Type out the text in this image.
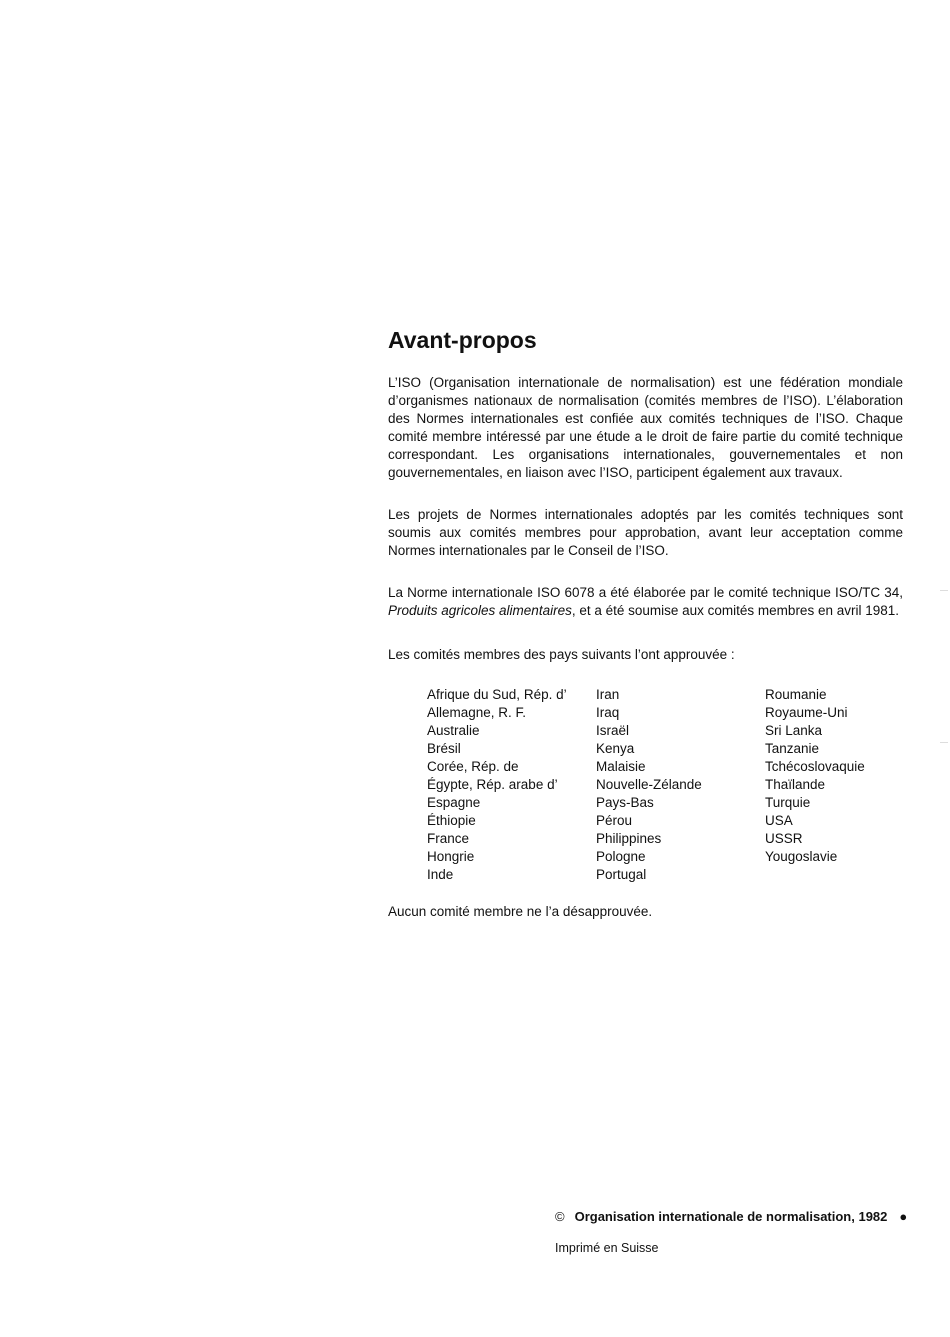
Avant-propos

L’ISO (Organisation internationale de normalisation) est une fédération mondiale d’organismes nationaux de normalisation (comités membres de l’ISO). L’élaboration des Normes internationales est confiée aux comités techniques de l’ISO. Chaque comité membre intéressé par une étude a le droit de faire partie du comité technique correspondant. Les organisations internationales, gouvernementales et non gouvernementales, en liaison avec l’ISO, participent également aux travaux.

Les projets de Normes internationales adoptés par les comités techniques sont soumis aux comités membres pour approbation, avant leur acceptation comme Normes internationales par le Conseil de l’ISO.

La Norme internationale ISO 6078 a été élaborée par le comité technique ISO/TC 34, Produits agricoles alimentaires, et a été soumise aux comités membres en avril 1981.

Les comités membres des pays suivants l’ont approuvée :

Afrique du Sud, Rép. d’
Allemagne, R. F.
Australie
Brésil
Corée, Rép. de
Égypte, Rép. arabe d’
Espagne
Éthiopie
France
Hongrie
Inde
Iran
Iraq
Israël
Kenya
Malaisie
Nouvelle-Zélande
Pays-Bas
Pérou
Philippines
Pologne
Portugal
Roumanie
Royaume-Uni
Sri Lanka
Tanzanie
Tchécoslovaquie
Thaïlande
Turquie
USA
USSR
Yougoslavie
Aucun comité membre ne l’a désapprouvée.
© Organisation internationale de normalisation, 1982 ●
Imprimé en Suisse
